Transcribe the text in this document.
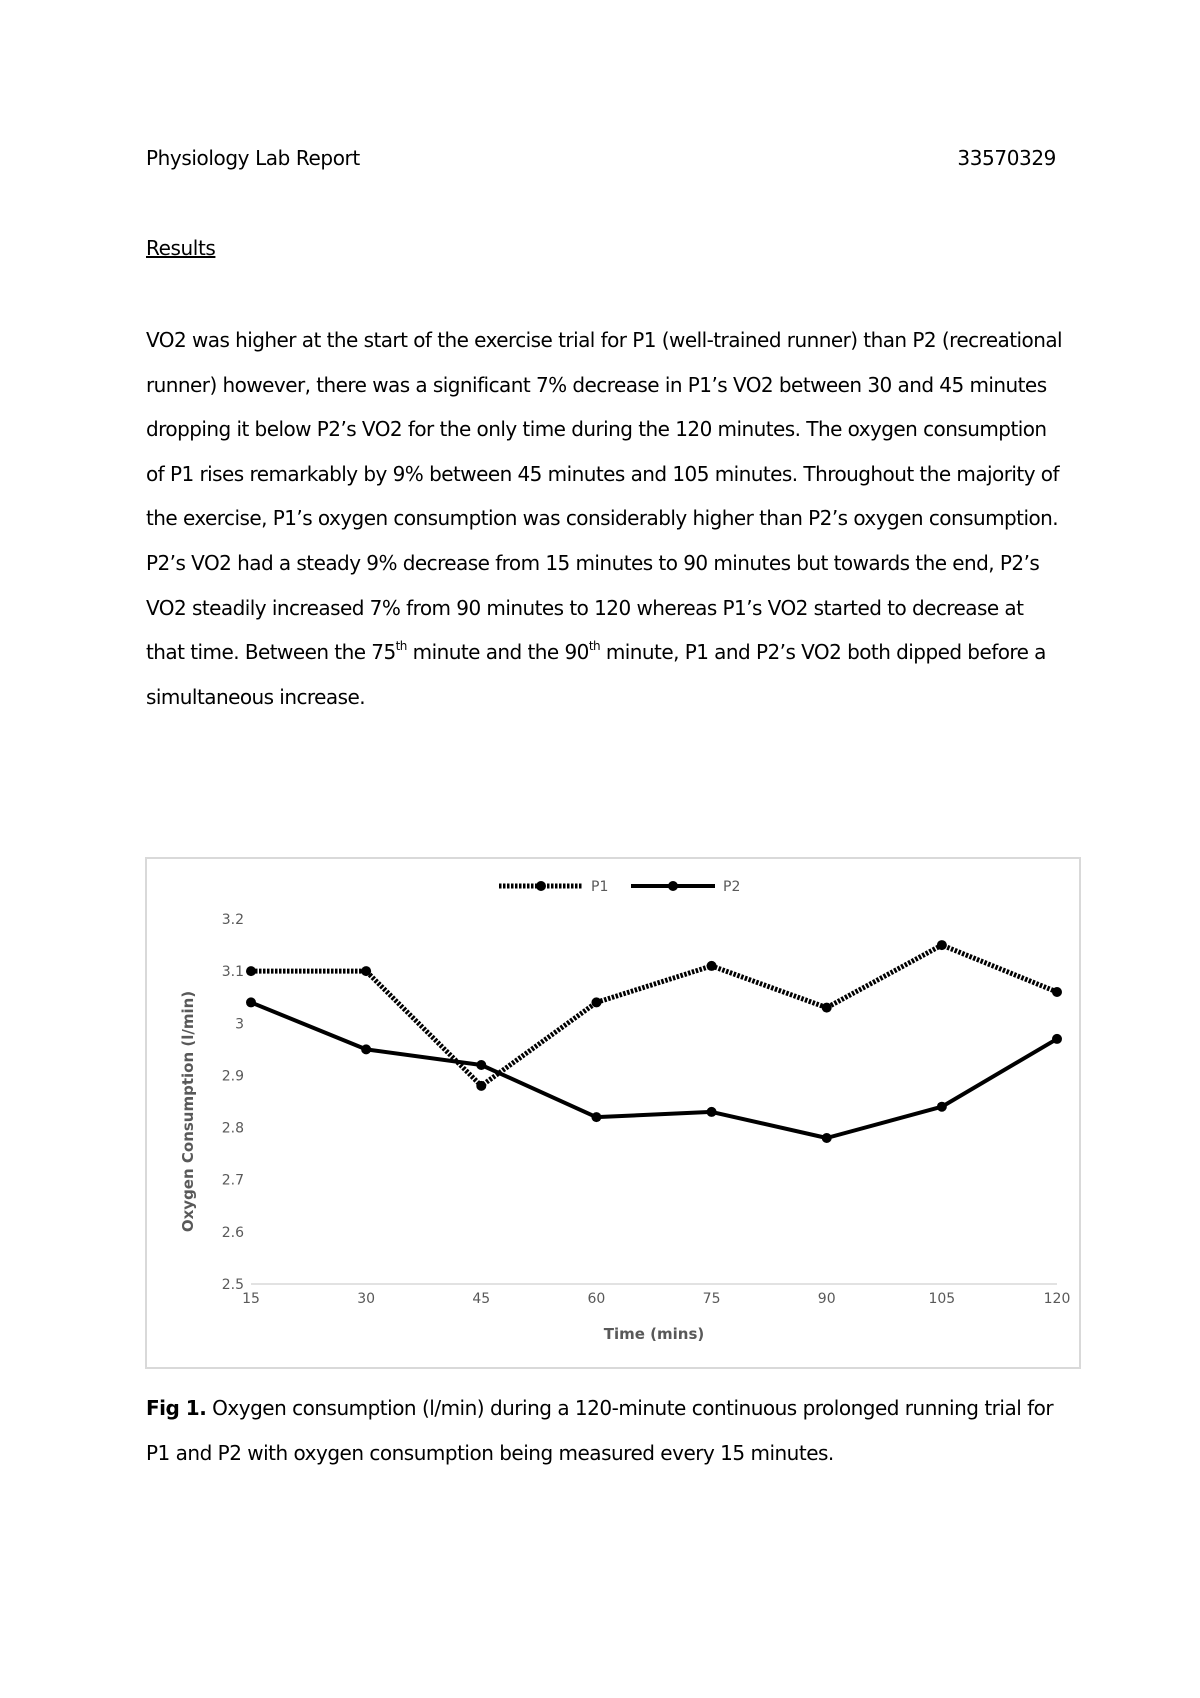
Physiology Lab Report	33570329
Results
VO2 was higher at the start of the exercise trial for P1 (well-trained runner) than P2 (recreational runner) however, there was a significant 7% decrease in P1’s VO2 between 30 and 45 minutes dropping it below P2’s VO2 for the only time during the 120 minutes. The oxygen consumption of P1 rises remarkably by 9% between 45 minutes and 105 minutes. Throughout the majority of the exercise, P1’s oxygen consumption was considerably higher than P2’s oxygen consumption. P2’s VO2 had a steady 9% decrease from 15 minutes to 90 minutes but towards the end, P2’s VO2 steadily increased 7% from 90 minutes to 120 whereas P1’s VO2 started to decrease at that time. Between the 75th minute and the 90th minute, P1 and P2’s VO2 both dipped before a simultaneous increase.
2.5
2.6
2.7
2.8
2.9
3
3.1
3.2
15	30	45	60	75	90	105	120
Time (mins)
Oxygen Consumption (l/min)
P1	P2
Fig 1. Oxygen consumption (l/min) during a 120-minute continuous prolonged running trial for P1 and P2 with oxygen consumption being measured every 15 minutes.
